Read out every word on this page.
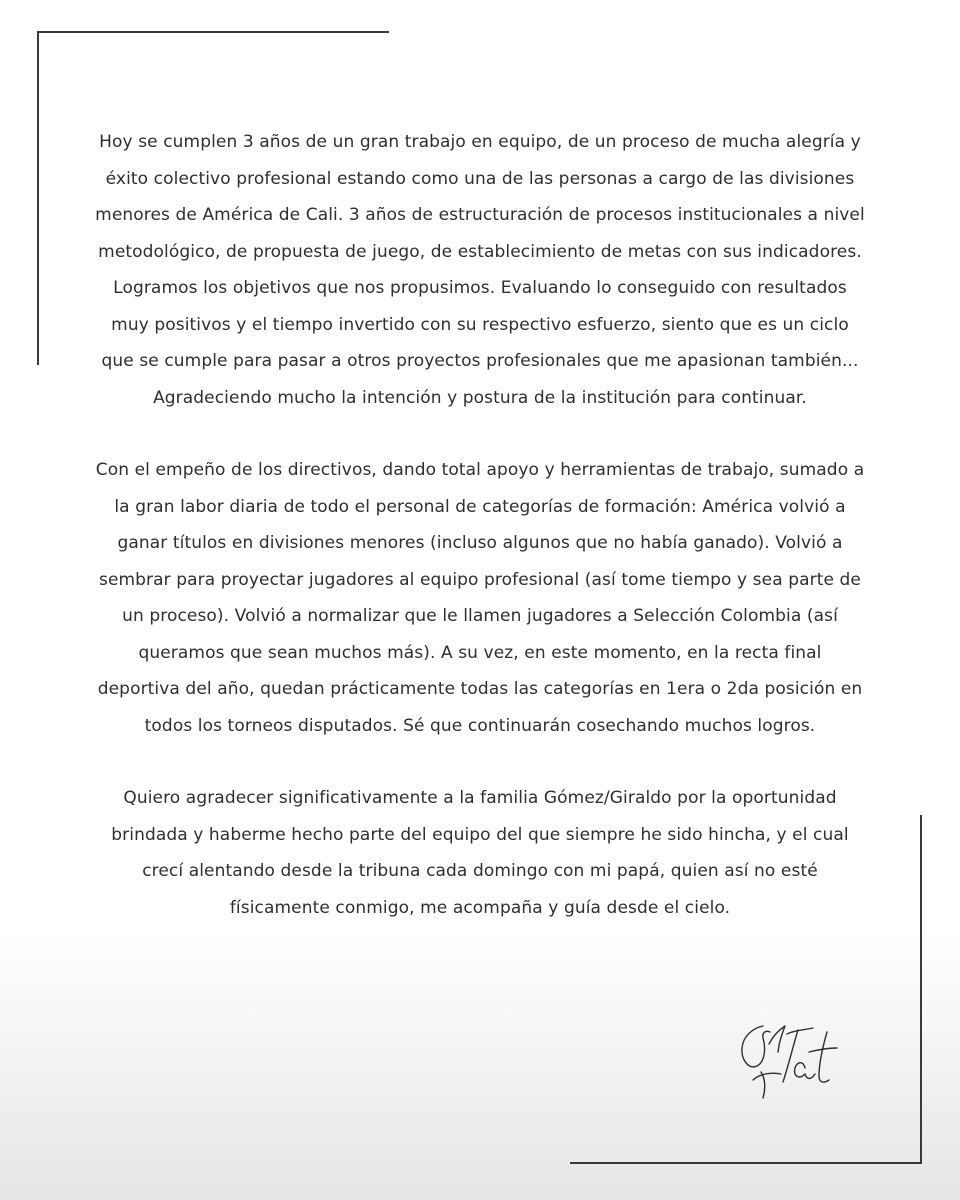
Hoy se cumplen 3 años de un gran trabajo en equipo, de un proceso de mucha alegría y éxito colectivo profesional estando como una de las personas a cargo de las divisiones menores de América de Cali. 3 años de estructuración de procesos institucionales a nivel metodológico, de propuesta de juego, de establecimiento de metas con sus indicadores. Logramos los objetivos que nos propusimos. Evaluando lo conseguido con resultados muy positivos y el tiempo invertido con su respectivo esfuerzo, siento que es un ciclo que se cumple para pasar a otros proyectos profesionales que me apasionan también... Agradeciendo mucho la intención y postura de la institución para continuar.

Con el empeño de los directivos, dando total apoyo y herramientas de trabajo, sumado a la gran labor diaria de todo el personal de categorías de formación: América volvió a ganar títulos en divisiones menores (incluso algunos que no había ganado). Volvió a sembrar para proyectar jugadores al equipo profesional (así tome tiempo y sea parte de un proceso). Volvió a normalizar que le llamen jugadores a Selección Colombia (así queramos que sean muchos más). A su vez, en este momento, en la recta final deportiva del año, quedan prácticamente todas las categorías en 1era o 2da posición en todos los torneos disputados. Sé que continuarán cosechando muchos logros.

Quiero agradecer significativamente a la familia Gómez/Giraldo por la oportunidad brindada y haberme hecho parte del equipo del que siempre he sido hincha, y el cual crecí alentando desde la tribuna cada domingo con mi papá, quien así no esté físicamente conmigo, me acompaña y guía desde el cielo.
